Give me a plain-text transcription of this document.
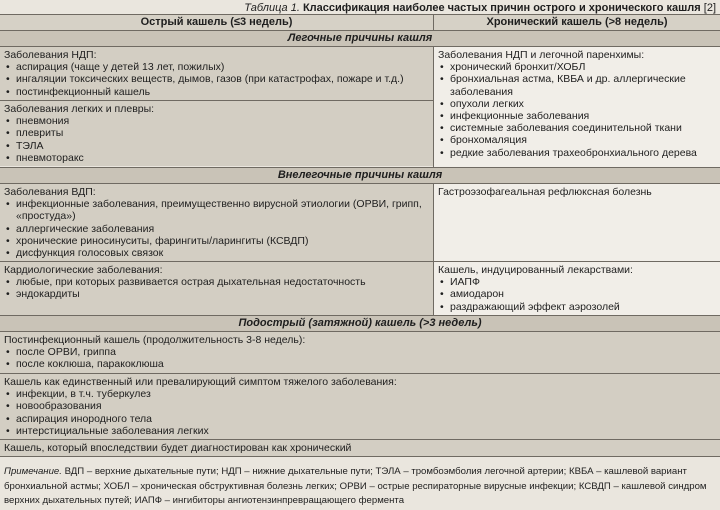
Таблица 1. Классификация наиболее частых причин острого и хронического кашля [2]
Острый кашель (≤3 недель)	Хронический кашель (>8 недель)
Легочные причины кашля
Заболевания НДП:
• аспирация (чаще у детей 13 лет, пожилых)
• ингаляции токсических веществ, дымов, газов (при катастрофах, пожаре и т.д.)
• постинфекционный кашель
Заболевания легких и плевры:
• пневмония
• плевриты
• ТЭЛА
• пневмоторакс
Заболевания НДП и легочной паренхимы:
• хронический бронхит/ХОБЛ
• бронхиальная астма, КВБА и др. аллергические заболевания
• опухоли легких
• инфекционные заболевания
• системные заболевания соединительной ткани
• бронхомаляция
• редкие заболевания трахеобронхиального дерева
Внелегочные причины кашля
Заболевания ВДП:
• инфекционные заболевания, преимущественно вирусной этиологии (ОРВИ, грипп, «простуда»)
• аллергические заболевания
• хронические риносинуситы, фарингиты/ларингиты (КСВДП)
• дисфункция голосовых связок
Гастроэзофагеальная рефлюксная болезнь
Кардиологические заболевания:
• любые, при которых развивается острая дыхательная недостаточность
• эндокардиты
Кашель, индуцированный лекарствами:
• ИАПФ
• амиодарон
• раздражающий эффект аэрозолей
Подострый (затяжной) кашель (>3 недель)
Постинфекционный кашель (продолжительность 3-8 недель):
• после ОРВИ, гриппа
• после коклюша, паракоклюша
Кашель как единственный или превалирующий симптом тяжелого заболевания:
• инфекции, в т.ч. туберкулез
• новообразования
• аспирация инородного тела
• интерстициальные заболевания легких
Кашель, который впоследствии будет диагностирован как хронический
Примечание. ВДП – верхние дыхательные пути; НДП – нижние дыхательные пути; ТЭЛА – тромбоэмболия легочной артерии; КВБА – кашлевой вариант бронхиальной астмы; ХОБЛ – хроническая обструктивная болезнь легких; ОРВИ – острые респираторные вирусные инфекции; КСВДП – кашлевой синдром верхних дыхательных путей; ИАПФ – ингибиторы ангиотензинпревращающего фермента
